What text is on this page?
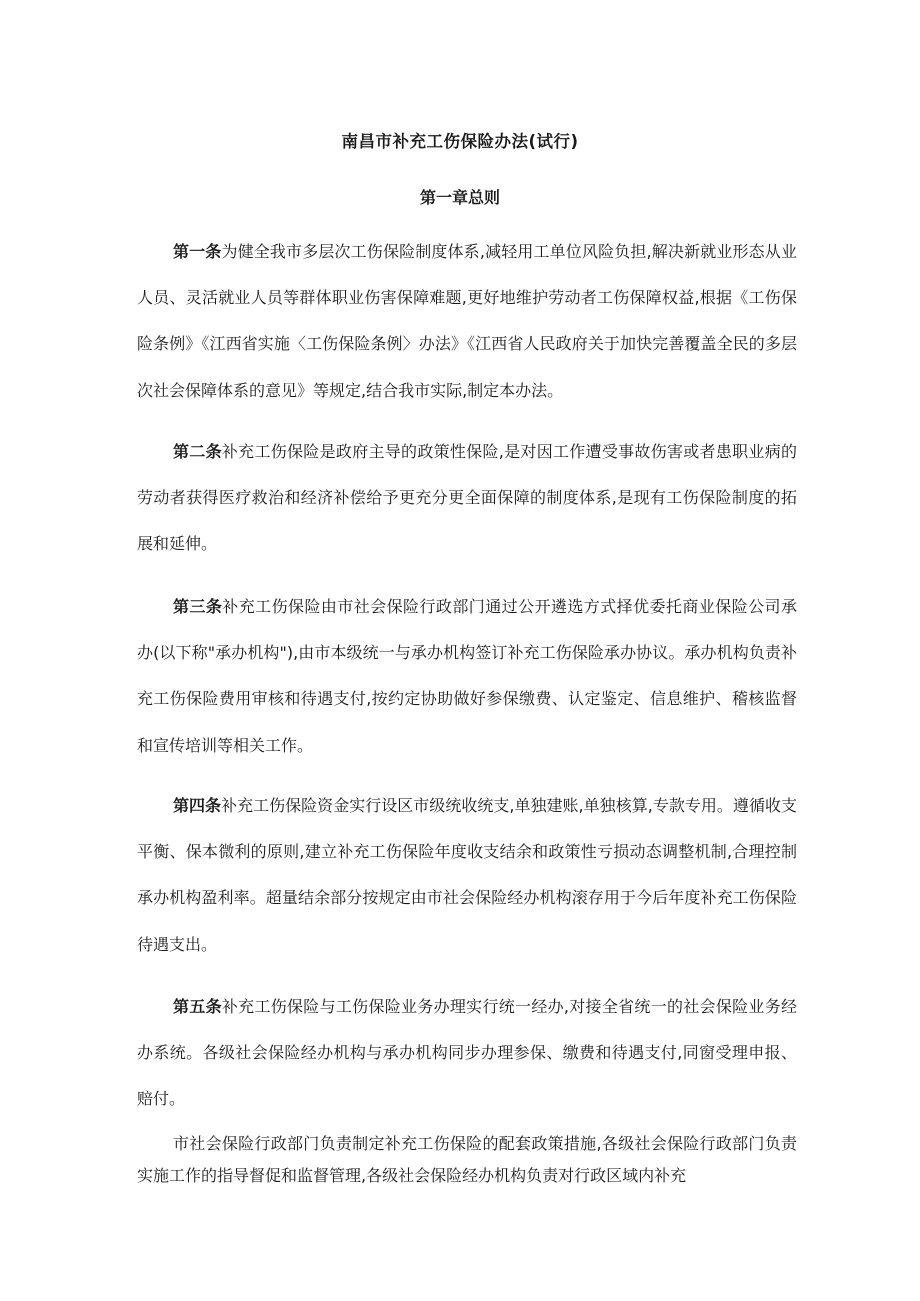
南昌市补充工伤保险办法(试行)
第一章总则

第一条为健全我市多层次工伤保险制度体系,减轻用工单位风险负担,解决新就业形态从业人员、灵活就业人员等群体职业伤害保障难题,更好地维护劳动者工伤保障权益,根据《工伤保险条例》《江西省实施〈工伤保险条例〉办法》《江西省人民政府关于加快完善覆盖全民的多层次社会保障体系的意见》等规定,结合我市实际,制定本办法。

第二条补充工伤保险是政府主导的政策性保险,是对因工作遭受事故伤害或者患职业病的劳动者获得医疗救治和经济补偿给予更充分更全面保障的制度体系,是现有工伤保险制度的拓展和延伸。

第三条补充工伤保险由市社会保险行政部门通过公开遴选方式择优委托商业保险公司承办(以下称"承办机构"),由市本级统一与承办机构签订补充工伤保险承办协议。承办机构负责补充工伤保险费用审核和待遇支付,按约定协助做好参保缴费、认定鉴定、信息维护、稽核监督和宣传培训等相关工作。

第四条补充工伤保险资金实行设区市级统收统支,单独建账,单独核算,专款专用。遵循收支平衡、保本微利的原则,建立补充工伤保险年度收支结余和政策性亏损动态调整机制,合理控制承办机构盈利率。超量结余部分按规定由市社会保险经办机构滚存用于今后年度补充工伤保险待遇支出。

第五条补充工伤保险与工伤保险业务办理实行统一经办,对接全省统一的社会保险业务经办系统。各级社会保险经办机构与承办机构同步办理参保、缴费和待遇支付,同窗受理申报、赔付。

市社会保险行政部门负责制定补充工伤保险的配套政策措施,各级社会保险行政部门负责实施工作的指导督促和监督管理,各级社会保险经办机构负责对行政区域内补充
